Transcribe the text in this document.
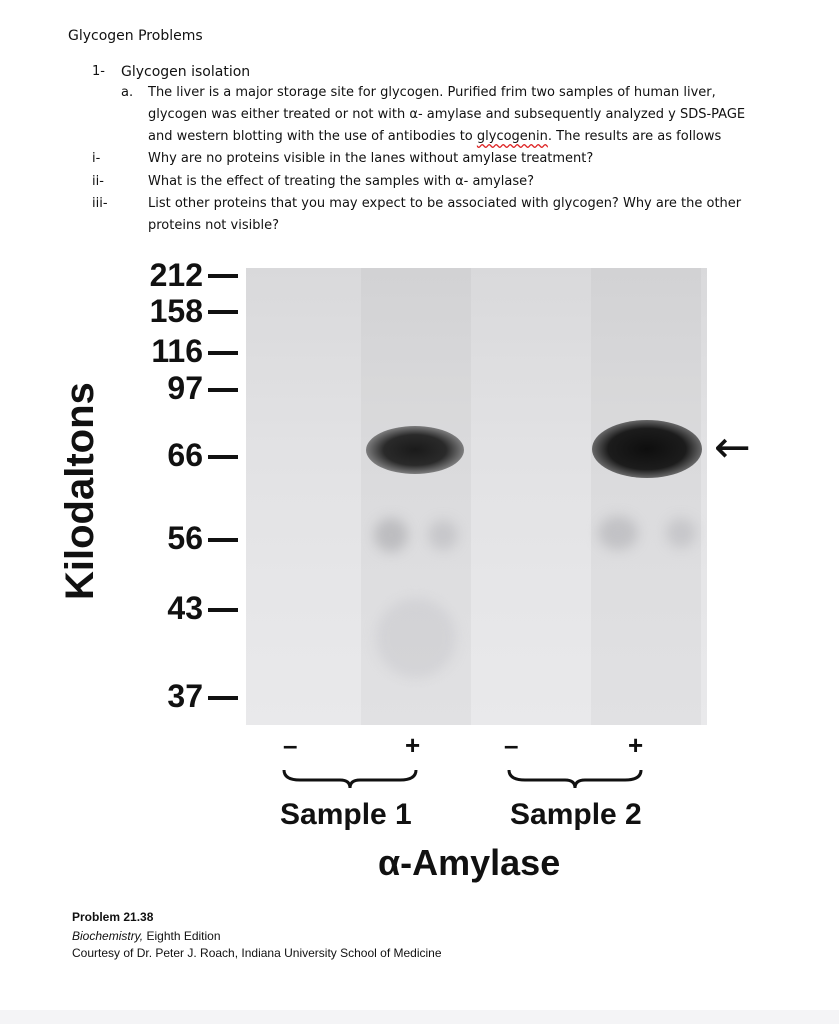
Glycogen Problems
1- Glycogen isolation
a. The liver is a major storage site for glycogen. Purified frim two samples of human liver,
glycogen was either treated or not with α- amylase and subsequently analyzed y SDS-PAGE
and western blotting with the use of antibodies to glycogenin. The results are as follows
i-	Why are no proteins visible in the lanes without amylase treatment?
ii-	What is the effect of treating the samples with α- amylase?
iii-	List other proteins that you may expect to be associated with glycogen? Why are the other
proteins not visible?
Kilodaltons
212
158
116
97
66
56
43
37
←
–	+	–	+
Sample 1	Sample 2
α-Amylase
Problem 21.38
Biochemistry, Eighth Edition
Courtesy of Dr. Peter J. Roach, Indiana University School of Medicine
